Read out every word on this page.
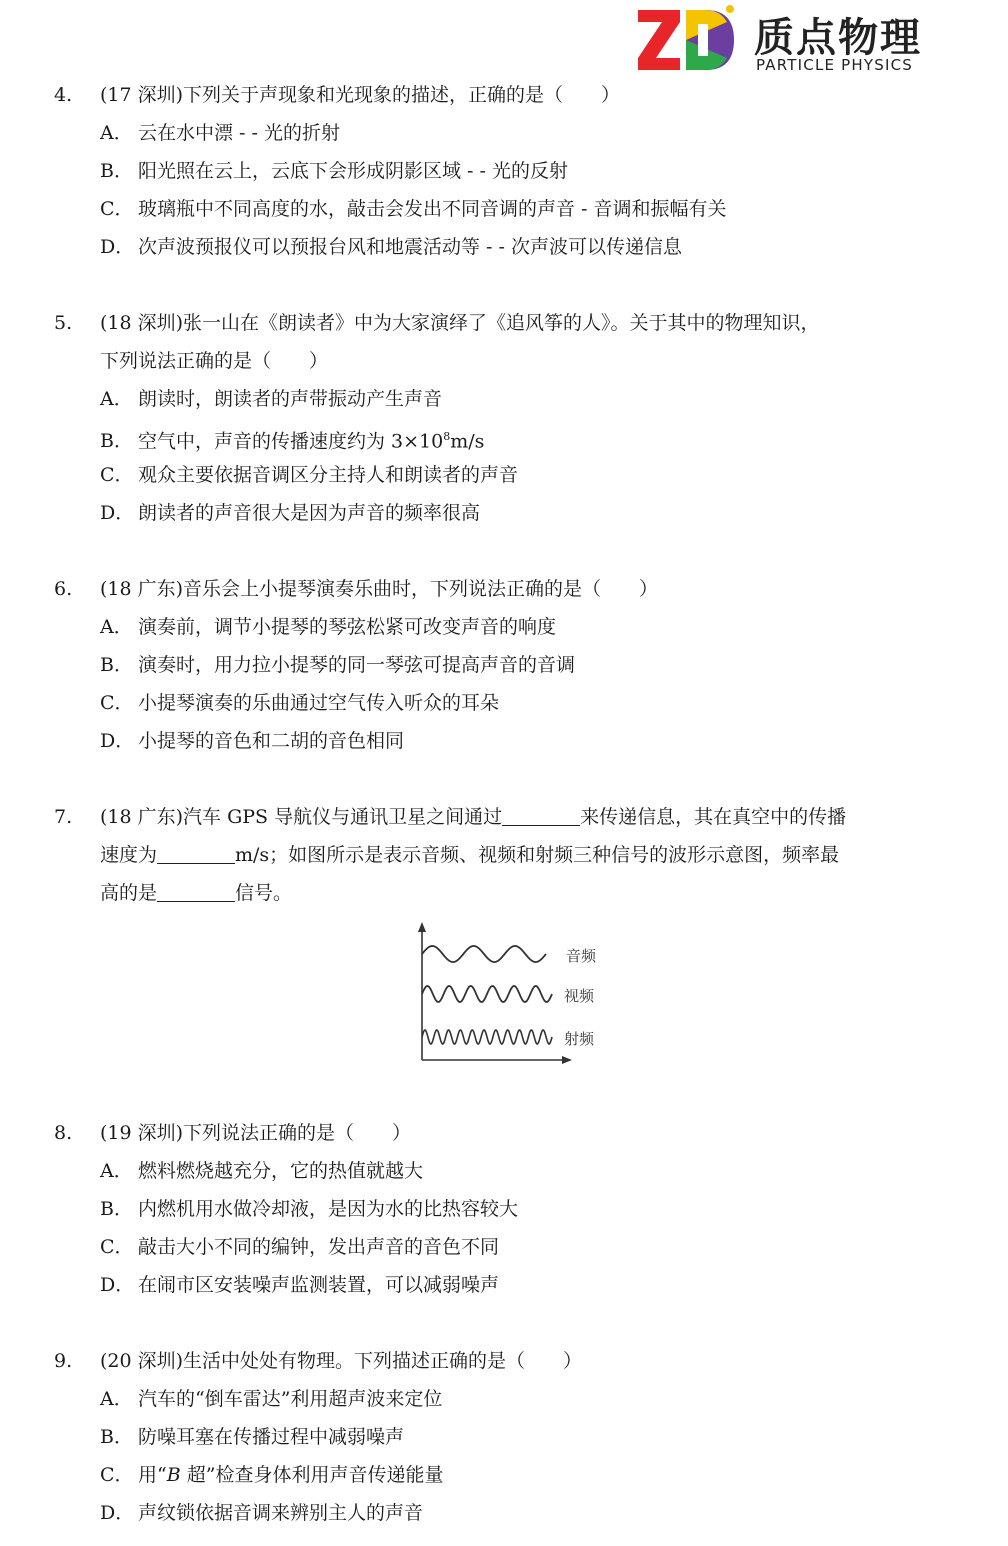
质点物理
PARTICLE PHYSICS
4. (17 深圳)下列关于声现象和光现象的描述，正确的是（　　）
A． 云在水中漂 - - 光的折射
B． 阳光照在云上，云底下会形成阴影区域 - - 光的反射
C． 玻璃瓶中不同高度的水，敲击会发出不同音调的声音 - 音调和振幅有关
D． 次声波预报仪可以预报台风和地震活动等 - - 次声波可以传递信息
5. (18 深圳)张一山在《朗读者》中为大家演绎了《追风筝的人》。关于其中的物理知识，
下列说法正确的是（　　）
A． 朗读时，朗读者的声带振动产生声音
B． 空气中，声音的传播速度约为 $3\times 10^8m/s$
C． 观众主要依据音调区分主持人和朗读者的声音
D． 朗读者的声音很大是因为声音的频率很高
6. (18 广东)音乐会上小提琴演奏乐曲时，下列说法正确的是（　　）
A． 演奏前，调节小提琴的琴弦松紧可改变声音的响度
B． 演奏时，用力拉小提琴的同一琴弦可提高声音的音调
C． 小提琴演奏的乐曲通过空气传入听众的耳朵
D． 小提琴的音色和二胡的音色相同
7. (18 广东)汽车 GPS 导航仪与通讯卫星之间通过	来传递信息，其在真空中的传播
速度为	m/s；如图所示是表示音频、视频和射频三种信号的波形示意图，频率最
高的是	信号。
音频
视频
射频
8. (19 深圳)下列说法正确的是（　　）
A． 燃料燃烧越充分，它的热值就越大
B． 内燃机用水做冷却液，是因为水的比热容较大
C． 敲击大小不同的编钟，发出声音的音色不同
D． 在闹市区安装噪声监测装置，可以减弱噪声
9. (20 深圳)生活中处处有物理。下列描述正确的是（　　）
A． 汽车的“倒车雷达”利用超声波来定位
B． 防噪耳塞在传播过程中减弱噪声
C． 用“B 超”检查身体利用声音传递能量
D． 声纹锁依据音调来辨别主人的声音
